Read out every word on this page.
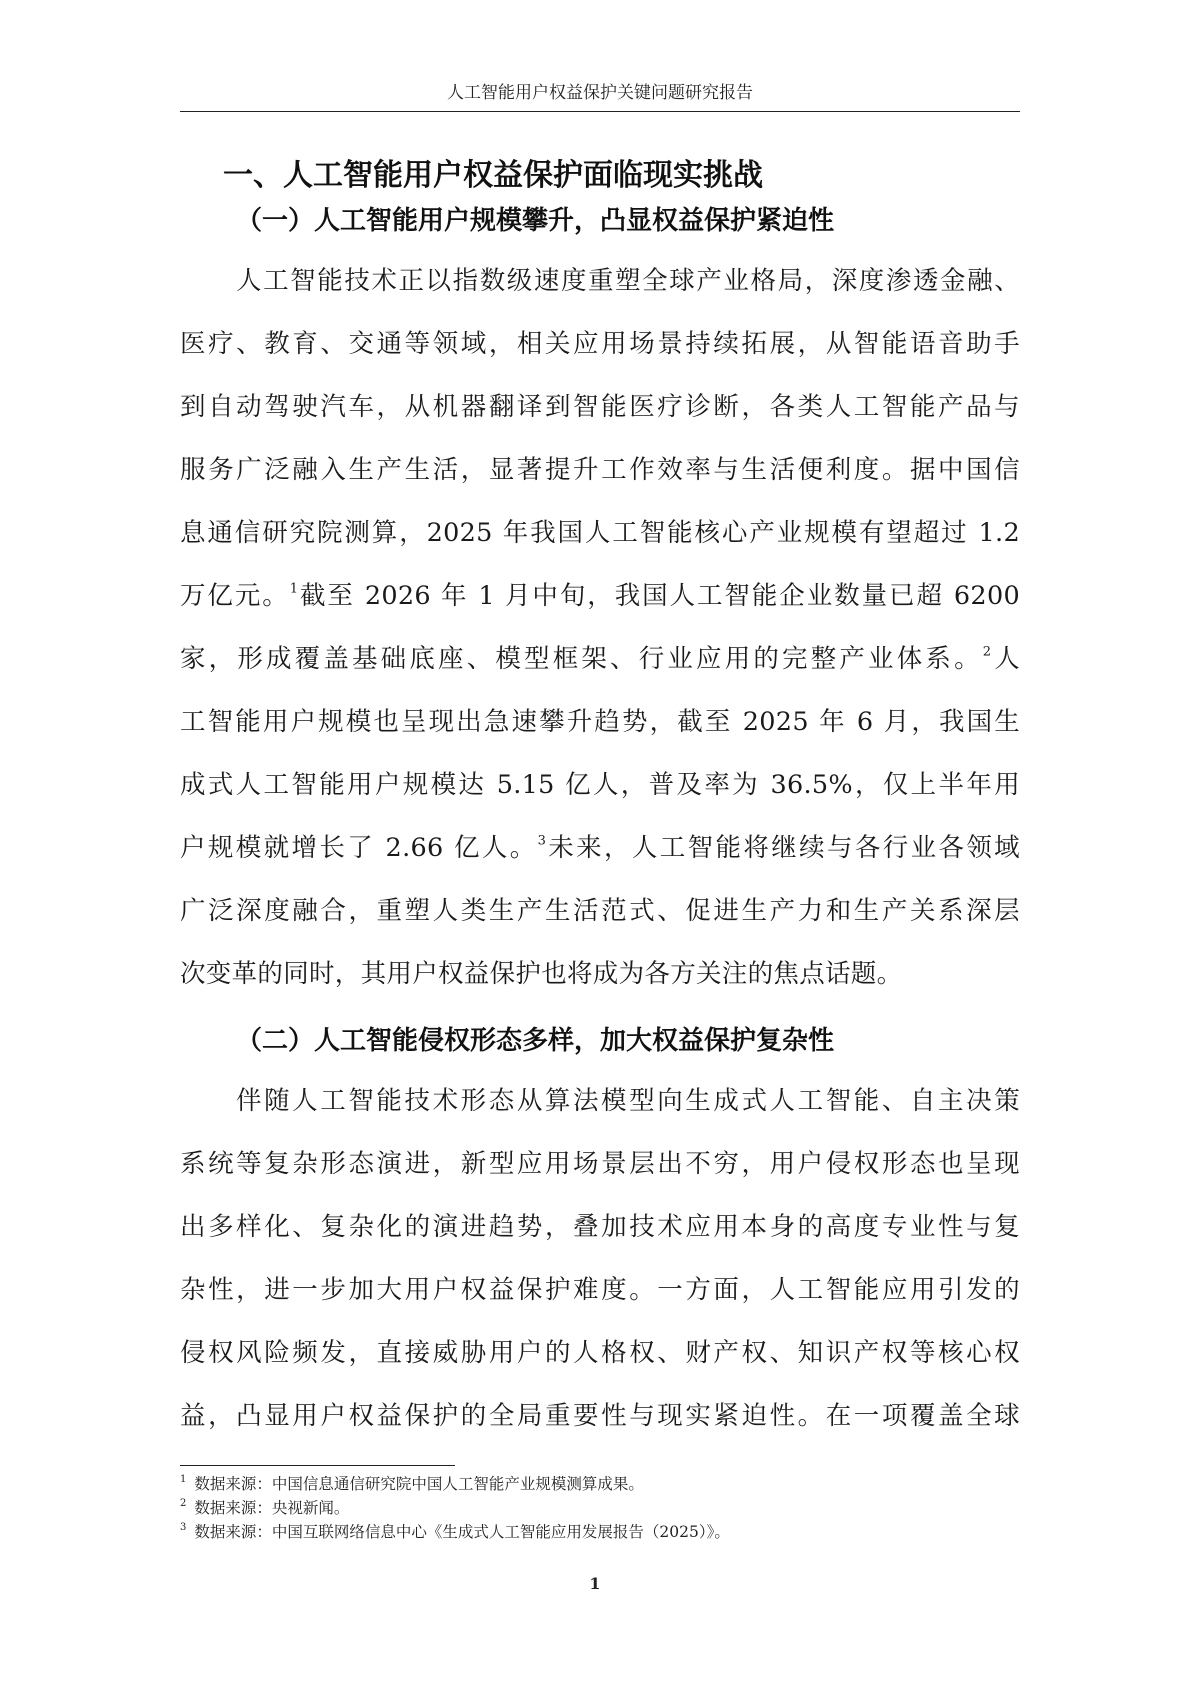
人工智能用户权益保护关键问题研究报告
一、人工智能用户权益保护面临现实挑战
（一）人工智能用户规模攀升，凸显权益保护紧迫性
人工智能技术正以指数级速度重塑全球产业格局，深度渗透金融、
医疗、教育、交通等领域，相关应用场景持续拓展，从智能语音助手
到自动驾驶汽车，从机器翻译到智能医疗诊断，各类人工智能产品与
服务广泛融入生产生活，显著提升工作效率与生活便利度。据中国信
息通信研究院测算，2025 年我国人工智能核心产业规模有望超过 1.2
万亿元。$^1$截至 2026 年 1 月中旬，我国人工智能企业数量已超 6200
家，形成覆盖基础底座、模型框架、行业应用的完整产业体系。$^2$人
工智能用户规模也呈现出急速攀升趋势，截至 2025 年 6 月，我国生
成式人工智能用户规模达 5.15 亿人，普及率为 36.5%，仅上半年用
户规模就增长了 2.66 亿人。$^3$未来，人工智能将继续与各行业各领域
广泛深度融合，重塑人类生产生活范式、促进生产力和生产关系深层
次变革的同时，其用户权益保护也将成为各方关注的焦点话题。
（二）人工智能侵权形态多样，加大权益保护复杂性
伴随人工智能技术形态从算法模型向生成式人工智能、自主决策
系统等复杂形态演进，新型应用场景层出不穷，用户侵权形态也呈现
出多样化、复杂化的演进趋势，叠加技术应用本身的高度专业性与复
杂性，进一步加大用户权益保护难度。一方面，人工智能应用引发的
侵权风险频发，直接威胁用户的人格权、财产权、知识产权等核心权
益，凸显用户权益保护的全局重要性与现实紧迫性。在一项覆盖全球
$^1$ 数据来源：中国信息通信研究院中国人工智能产业规模测算成果。
$^2$ 数据来源：央视新闻。
$^3$ 数据来源：中国互联网络信息中心《生成式人工智能应用发展报告（2025）》。
1
